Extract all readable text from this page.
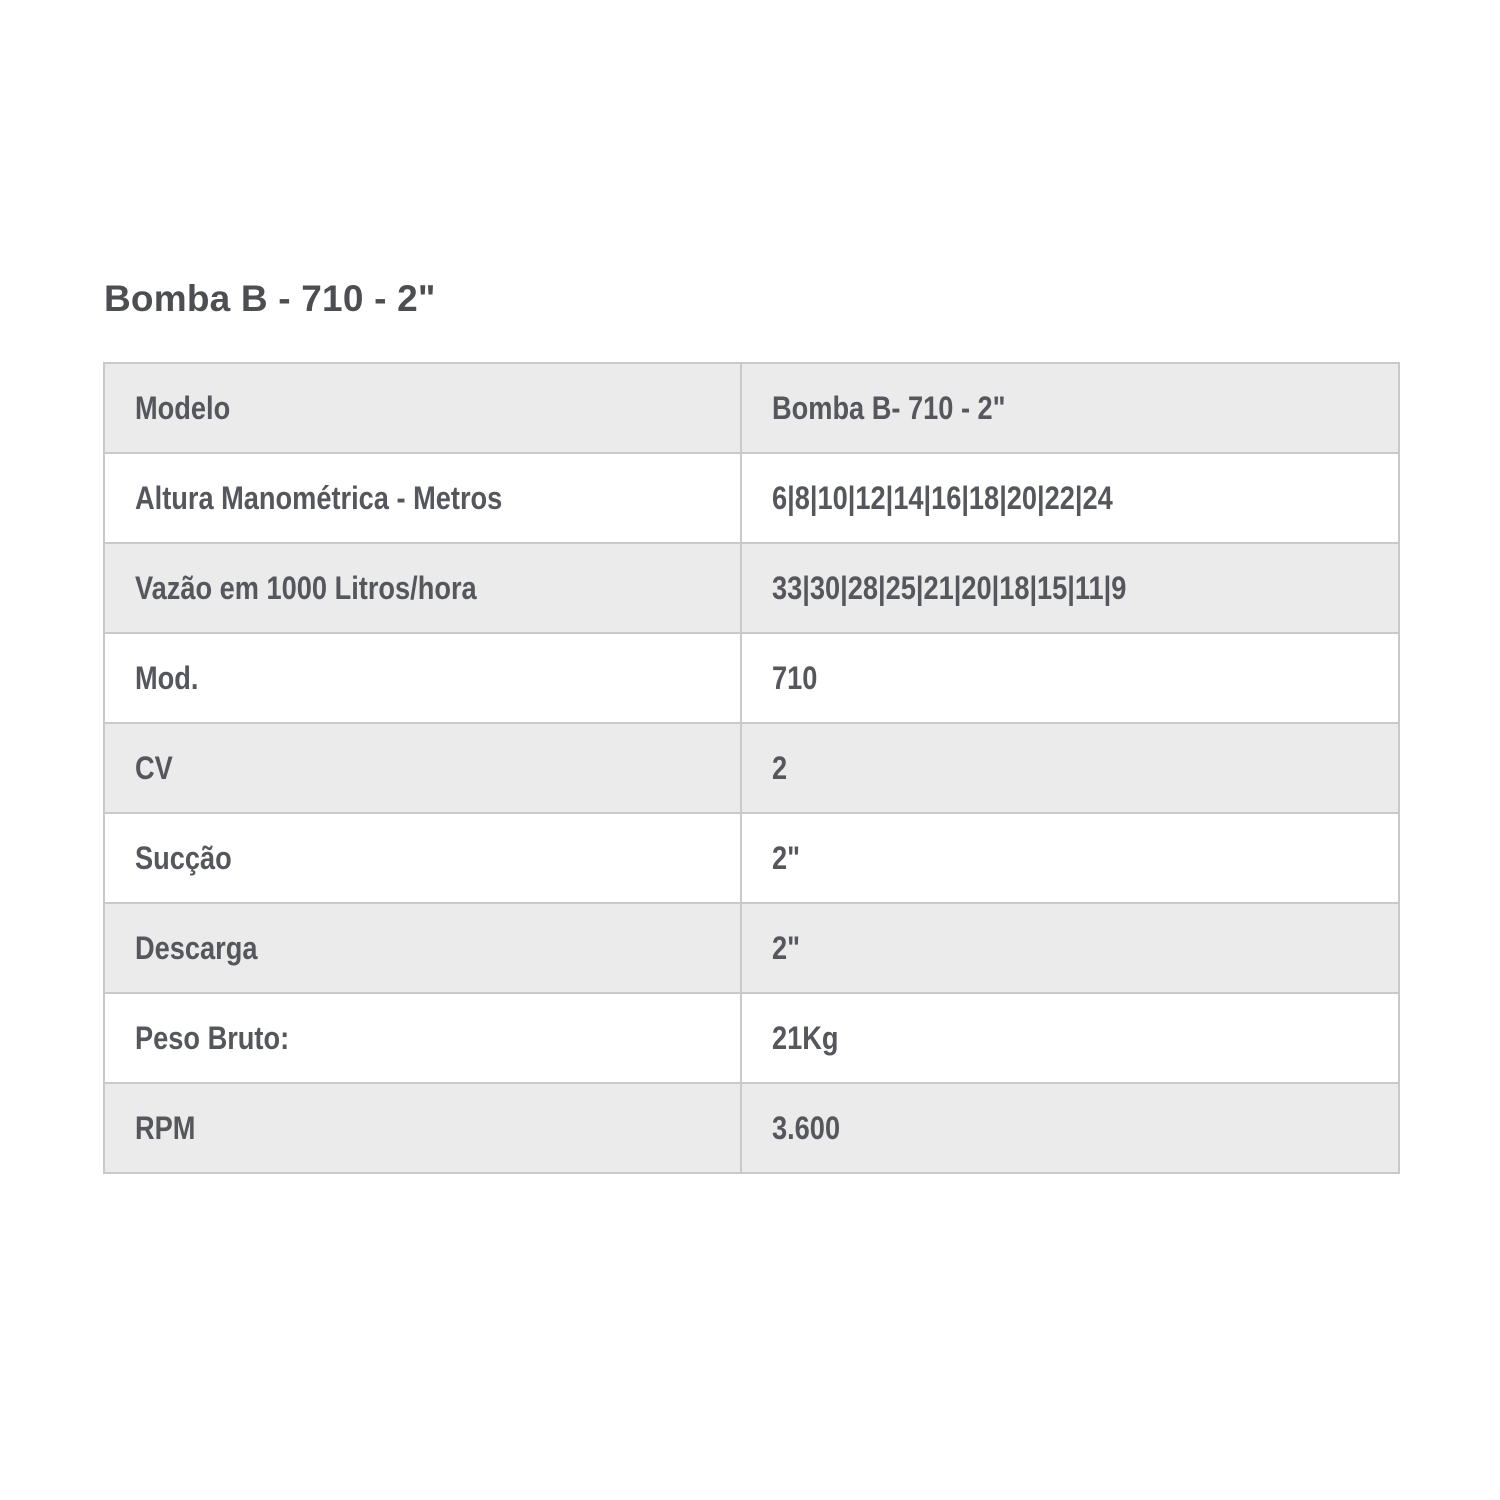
Bomba B - 710 - 2"
Modelo	Bomba B- 710 - 2"
Altura Manométrica - Metros	6|8|10|12|14|16|18|20|22|24
Vazão em 1000 Litros/hora	33|30|28|25|21|20|18|15|11|9
Mod.	710
CV	2
Sucção	2"
Descarga	2"
Peso Bruto:	21Kg
RPM	3.600
